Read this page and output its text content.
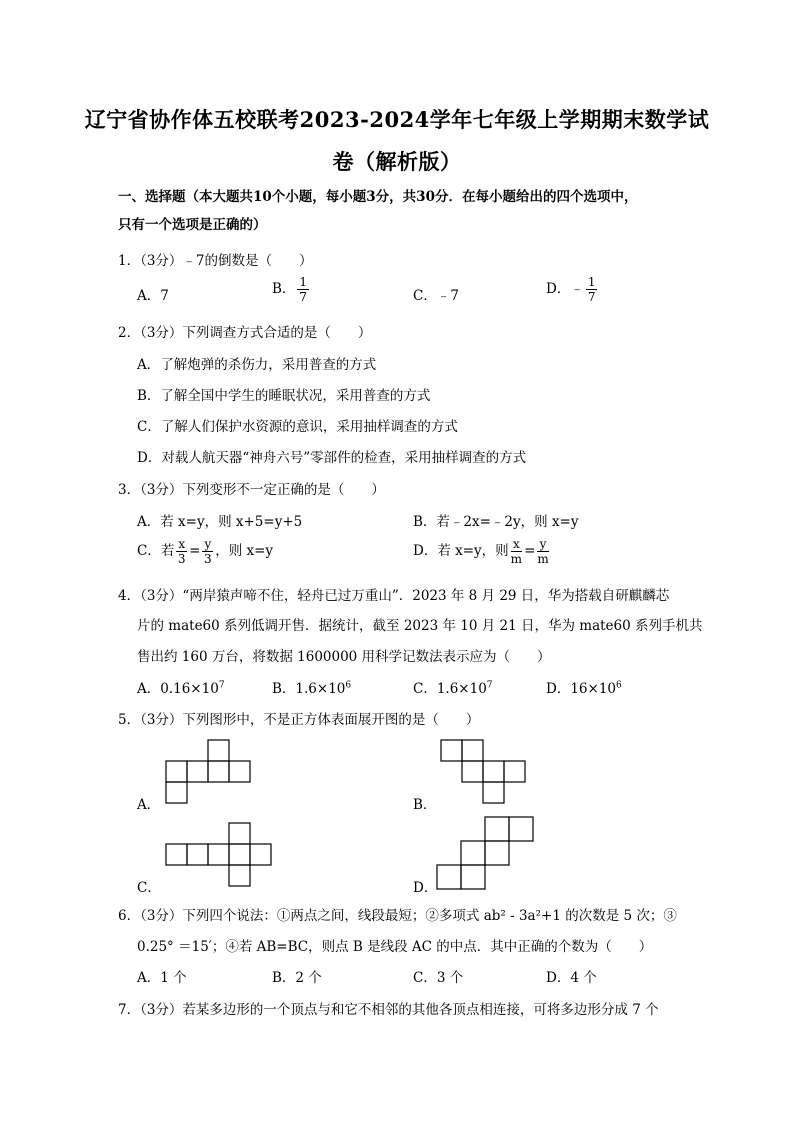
辽宁省协作体五校联考2023-2024学年七年级上学期期末数学试
卷（解析版）
一、选择题（本大题共10个小题，每小题3分，共30分．在每小题给出的四个选项中，
只有一个选项是正确的）
1．（3分）﹣7的倒数是（　　）
A．7	B． $\frac{1}{7}$	C．﹣7	D．﹣ $\frac{1}{7}$
2．（3分）下列调查方式合适的是（　　）
A．了解炮弹的杀伤力，采用普查的方式
B．了解全国中学生的睡眠状况，采用普查的方式
C．了解人们保护水资源的意识，采用抽样调查的方式
D．对载人航天器“神舟六号”零部件的检查，采用抽样调查的方式
3．（3分）下列变形不一定正确的是（　　）
A．若 x=y，则 x+5=y+5	B．若﹣2x=﹣2y，则 x=y
C．若 $\frac{x}{3} = \frac{y}{3}$ ，则 x=y	D．若 x=y，则 $\frac{x}{m} = \frac{y}{m}$
4．（3分）“两岸猿声啼不住，轻舟已过万重山”．2023 年 8 月 29 日，华为搭载自研麒麟芯
片的 mate60 系列低调开售．据统计，截至 2023 年 10 月 21 日，华为 mate60 系列手机共
售出约 160 万台，将数据 1600000 用科学记数法表示应为（　　）
A．$0.16\times 10^7$	B．$1.6\times 10^6$	C．$1.6\times 10^7$	D．$16\times 10^6$
5．（3分）下列图形中，不是正方体表面展开图的是（　　）
A．	B．
C．	D．
6．（3分）下列四个说法：①两点之间，线段最短；②多项式 ab² - 3a²+1 的次数是 5 次；③
0.25° ＝15′；④若 AB=BC，则点 B 是线段 AC 的中点．其中正确的个数为（　　）
A．1 个	B．2 个	C．3 个	D．4 个
7．（3分）若某多边形的一个顶点与和它不相邻的其他各顶点相连接，可将多边形分成 7 个
